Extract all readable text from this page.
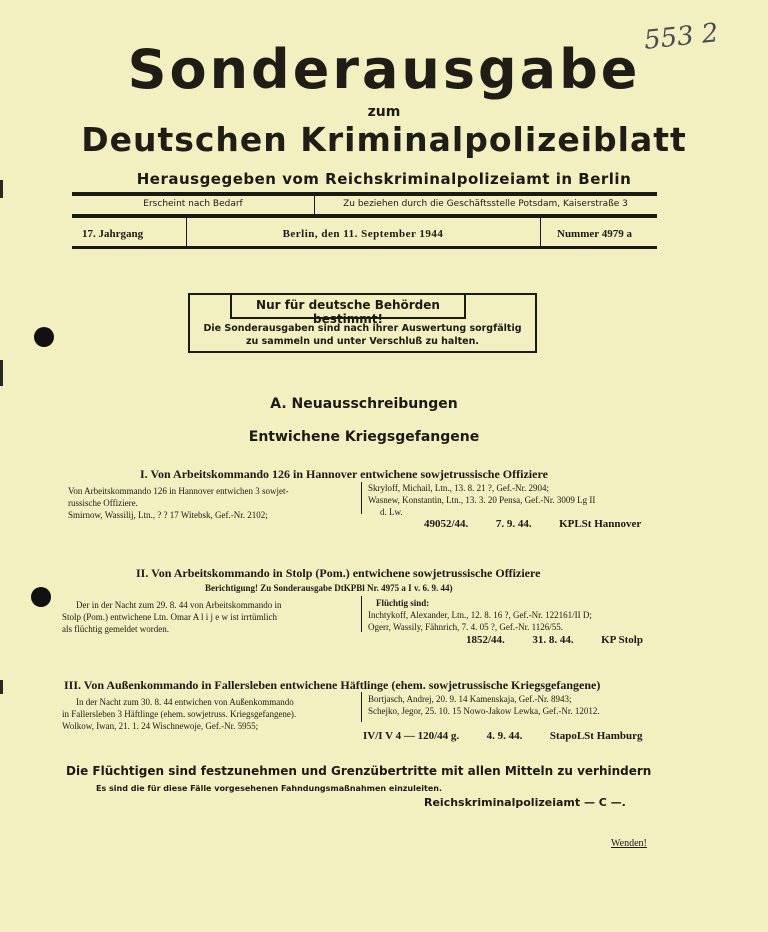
553 2
Sonderausgabe
zum
Deutschen Kriminalpolizeiblatt
Herausgegeben vom Reichskriminalpolizeiamt in Berlin
Erscheint nach Bedarf	Zu beziehen durch die Geschäftsstelle Potsdam, Kaiserstraße 3
17. Jahrgang	Berlin, den 11. September 1944	Nummer 4979 a
Nur für deutsche Behörden bestimmt!
Die Sonderausgaben sind nach ihrer Auswertung sorgfältig
zu sammeln und unter Verschluß zu halten.
A. Neuausschreibungen
Entwichene Kriegsgefangene
I. Von Arbeitskommando 126 in Hannover entwichene sowjetrussische Offiziere
Von Arbeitskommando 126 in Hannover entwichen 3 sowjet-
russische Offiziere.
Smirnow, Wassilij, Ltn., ? ? 17 Witebsk, Gef.-Nr. 2102;
Skryloff, Michail, Ltn., 13. 8. 21 ?, Gef.-Nr. 2904;
Wasnew, Konstantin, Ltn., 13. 3. 20 Pensa, Gef.-Nr. 3009 Lg II
d. Lw.
49052/44.	7. 9. 44.	KPLSt Hannover
II. Von Arbeitskommando in Stolp (Pom.) entwichene sowjetrussische Offiziere
Berichtigung! Zu Sonderausgabe DtKPBl Nr. 4975 a I v. 6. 9. 44)
Der in der Nacht zum 29. 8. 44 von Arbeitskommando in
Stolp (Pom.) entwichene Ltn. Omar A l i j e w ist irrtümlich
als flüchtig gemeldet worden.
Flüchtig sind:
Inchtykoff, Alexander, Ltn., 12. 8. 16 ?, Gef.-Nr. 122161/II D;
Ogerr, Wassily, Fähnrich, 7. 4. 05 ?, Gef.-Nr. 1126/55.
1852/44.	31. 8. 44.	KP Stolp
III. Von Außenkommando in Fallersleben entwichene Häftlinge (ehem. sowjetrussische Kriegsgefangene)
In der Nacht zum 30. 8. 44 entwichen von Außenkommando
in Fallersleben 3 Häftlinge (ehem. sowjetruss. Kriegsgefangene).
Wolkow, Iwan, 21. 1. 24 Wischnewoje, Gef.-Nr. 5955;
Bortjasch, Andrej, 20. 9. 14 Kamenskaja, Gef.-Nr. 8943;
Schejko, Jegor, 25. 10. 15 Nowo-Jakow Lewka, Gef.-Nr. 12012.
IV/I V 4 — 120/44 g.	4. 9. 44.	StapoLSt Hamburg
Die Flüchtigen sind festzunehmen und Grenzübertritte mit allen Mitteln zu verhindern
Es sind die für diese Fälle vorgesehenen Fahndungsmaßnahmen einzuleiten.
Reichskriminalpolizeiamt — C —.
Wenden!
